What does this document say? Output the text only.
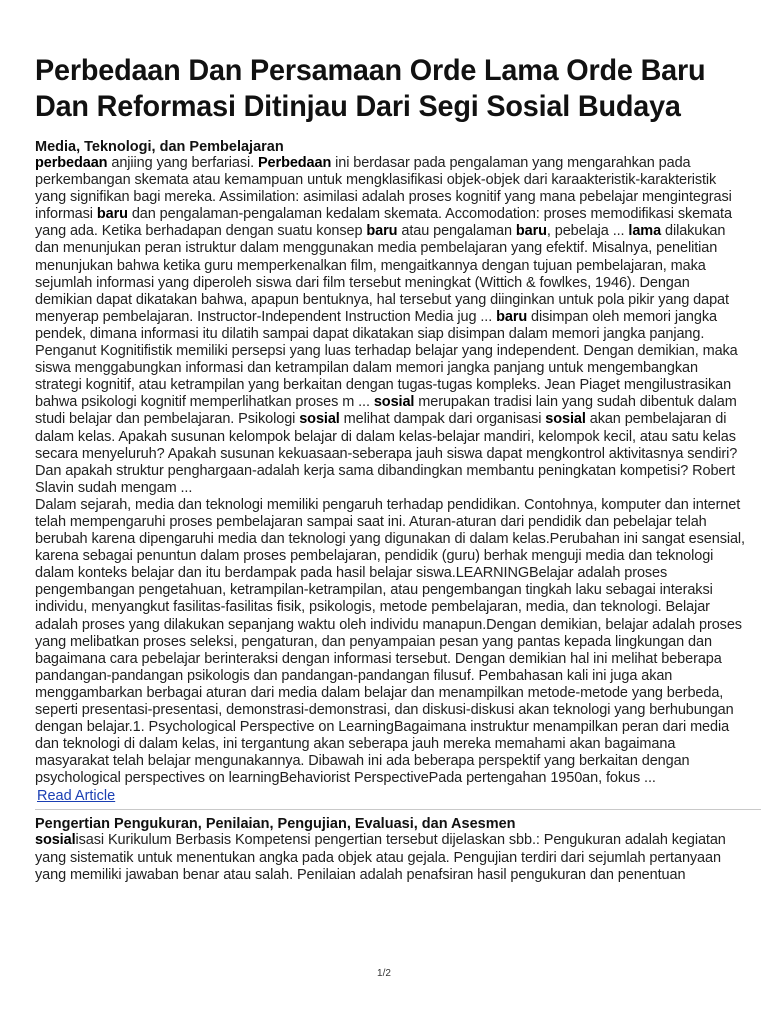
Perbedaan Dan Persamaan Orde Lama Orde Baru
Dan Reformasi Ditinjau Dari Segi Sosial Budaya

Media, Teknologi, dan Pembelajaran

perbedaan anjiing yang berfariasi. Perbedaan ini berdasar pada pengalaman yang mengarahkan pada perkembangan skemata atau kemampuan untuk mengklasifikasi objek-objek dari karaakteristik-karakteristik yang signifikan bagi mereka. Assimilation: asimilasi adalah proses kognitif yang mana pebelajar mengintegrasi informasi baru dan pengalaman-pengalaman kedalam skemata. Accomodation: proses memodifikasi skemata yang ada. Ketika berhadapan dengan suatu konsep baru atau pengalaman baru, pebelaja ... lama dilakukan dan menunjukan peran istruktur dalam menggunakan media pembelajaran yang efektif. Misalnya, penelitian menunjukan bahwa ketika guru memperkenalkan film, mengaitkannya dengan tujuan pembelajaran, maka sejumlah informasi yang diperoleh siswa dari film tersebut meningkat (Wittich & fowlkes, 1946). Dengan demikian dapat dikatakan bahwa, apapun bentuknya, hal tersebut yang diinginkan untuk pola pikir yang dapat menyerap pembelajaran. Instructor-Independent Instruction Media jug ... baru disimpan oleh memori jangka pendek, dimana informasi itu dilatih sampai dapat dikatakan siap disimpan dalam memori jangka panjang. Penganut Kognitifistik memiliki persepsi yang luas terhadap belajar yang independent. Dengan demikian, maka siswa menggabungkan informasi dan ketrampilan dalam memori jangka panjang untuk mengembangkan strategi kognitif, atau ketrampilan yang berkaitan dengan tugas-tugas kompleks. Jean Piaget mengilustrasikan bahwa psikologi kognitif memperlihatkan proses m ... sosial merupakan tradisi lain yang sudah dibentuk dalam studi belajar dan pembelajaran. Psikologi sosial melihat dampak dari organisasi sosial akan pembelajaran di dalam kelas. Apakah susunan kelompok belajar di dalam kelas-belajar mandiri, kelompok kecil, atau satu kelas secara menyeluruh? Apakah susunan kekuasaan-seberapa jauh siswa dapat mengkontrol aktivitasnya sendiri? Dan apakah struktur penghargaan-adalah kerja sama dibandingkan membantu peningkatan kompetisi? Robert Slavin sudah mengam ...

Dalam sejarah, media dan teknologi memiliki pengaruh terhadap pendidikan. Contohnya, komputer dan internet telah mempengaruhi proses pembelajaran sampai saat ini. Aturan-aturan dari pendidik dan pebelajar telah berubah karena dipengaruhi media dan teknologi yang digunakan di dalam kelas.Perubahan ini sangat esensial, karena sebagai penuntun dalam proses pembelajaran, pendidik (guru) berhak menguji media dan teknologi dalam konteks belajar dan itu berdampak pada hasil belajar siswa.LEARNINGBelajar adalah proses pengembangan pengetahuan, ketrampilan-ketrampilan, atau pengembangan tingkah laku sebagai interaksi individu, menyangkut fasilitas-fasilitas fisik, psikologis, metode pembelajaran, media, dan teknologi. Belajar adalah proses yang dilakukan sepanjang waktu oleh individu manapun.Dengan demikian, belajar adalah proses yang melibatkan proses seleksi, pengaturan, dan penyampaian pesan yang pantas kepada lingkungan dan bagaimana cara pebelajar berinteraksi dengan informasi tersebut. Dengan demikian hal ini melihat beberapa pandangan-pandangan psikologis dan pandangan-pandangan filusuf. Pembahasan kali ini juga akan menggambarkan berbagai aturan dari media dalam belajar dan menampilkan metode-metode yang berbeda, seperti presentasi-presentasi, demonstrasi-demonstrasi, dan diskusi-diskusi akan teknologi yang berhubungan dengan belajar.1. Psychological Perspective on LearningBagaimana instruktur menampilkan peran dari media dan teknologi di dalam kelas, ini tergantung akan seberapa jauh mereka memahami akan bagaimana masyarakat telah belajar mengunakannya. Dibawah ini ada beberapa perspektif yang berkaitan dengan psychological perspectives on learningBehaviorist PerspectivePada pertengahan 1950an, fokus ...

Read Article

Pengertian Pengukuran, Penilaian, Pengujian, Evaluasi, dan Asesmen

sosialisasi Kurikulum Berbasis Kompetensi pengertian tersebut dijelaskan sbb.: Pengukuran adalah kegiatan yang sistematik untuk menentukan angka pada objek atau gejala. Pengujian terdiri dari sejumlah pertanyaan yang memiliki jawaban benar atau salah. Penilaian adalah penafsiran hasil pengukuran dan penentuan

1/2
